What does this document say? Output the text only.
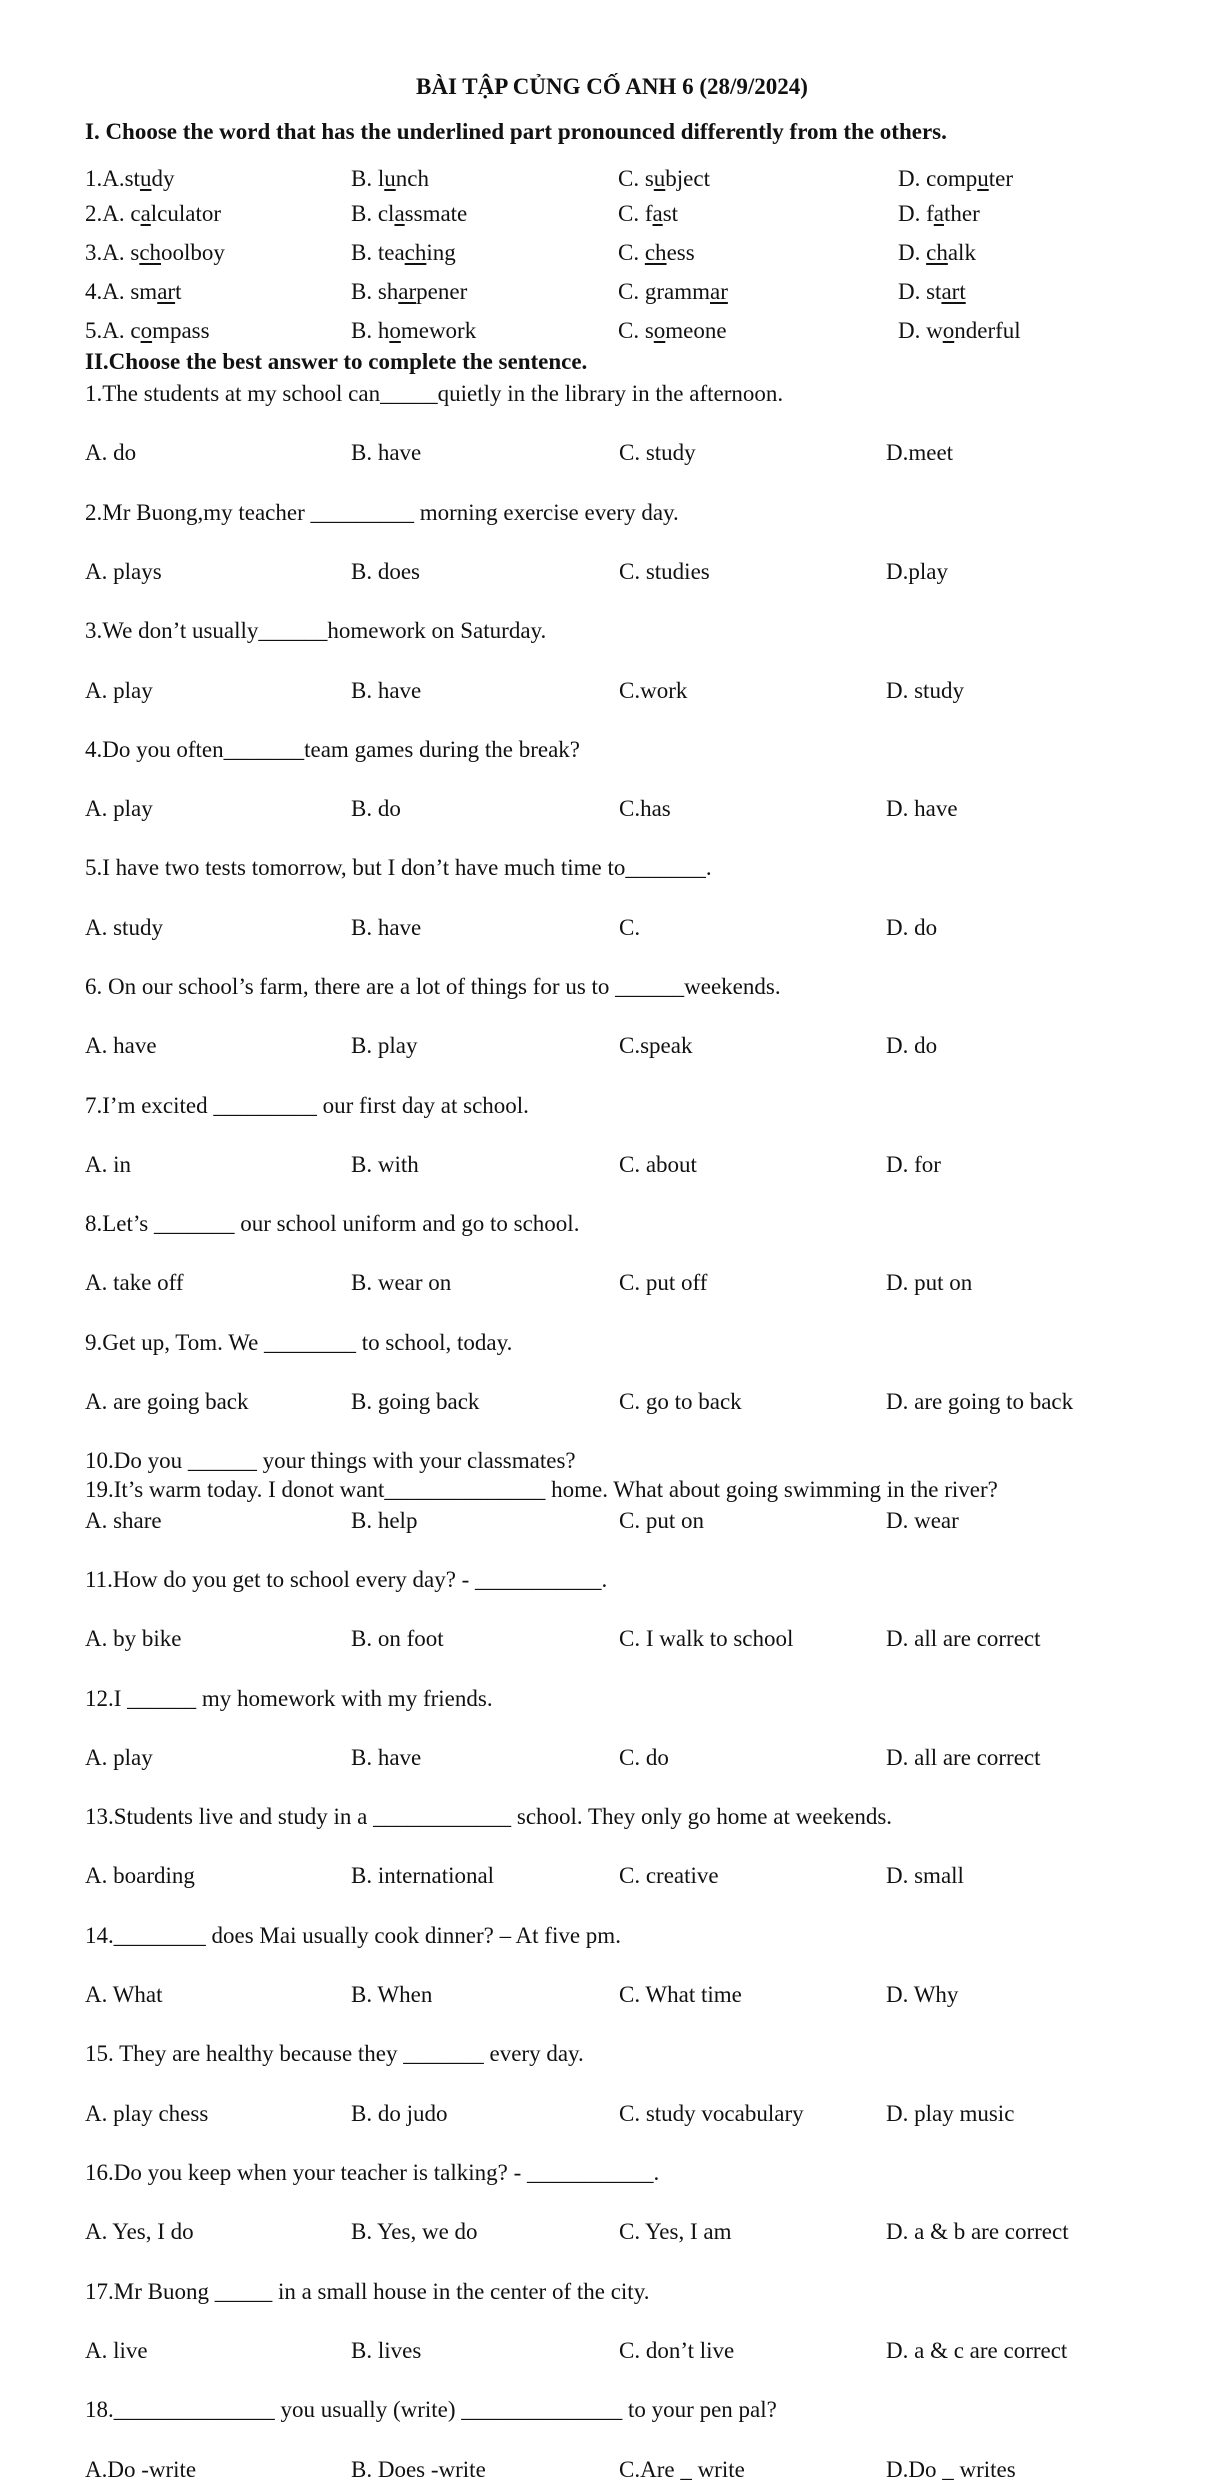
BÀI TẬP CỦNG CỐ ANH 6 (28/9/2024)
I. Choose the word that has the underlined part pronounced differently from the others.
1.A.study	B. lunch	C. subject	D. computer
2.A. calculator	B. classmate	C. fast	D. father
3.A. schoolboy	B. teaching	C. chess	D. chalk
4.A. smart	B. sharpener	C. grammar	D. start
5.A. compass	B. homework	C. someone	D. wonderful
II.Choose the best answer to complete the sentence.
1.The students at my school can_____quietly in the library in the afternoon.
A. do	B. have	C. study	D.meet
2.Mr Buong,my teacher _________ morning exercise every day.
A. plays	B. does	C. studies	D.play
3.We don’t usually______homework on Saturday.
A. play	B. have	C.work	D. study
4.Do you often_______team games during the break?
A. play	B. do	C.has	D. have
5.I have two tests tomorrow, but I don’t have much time to_______.
A. study	B. have	C.	D. do
6. On our school’s farm, there are a lot of things for us to ______weekends.
A. have	B. play	C.speak	D. do
7.I’m excited _________ our first day at school.
A. in	B. with	C. about	D. for
8.Let’s _______ our school uniform and go to school.
A. take off	B. wear on	C. put off	D. put on
9.Get up, Tom. We ________ to school, today.
A. are going back	B. going back	C. go to back	D. are going to back
10.Do you ______ your things with your classmates?
A. share	B. help	C. put on	D. wear
11.How do you get to school every day? - ___________.
A. by bike	B. on foot	C. I walk to school	D. all are correct
12.I ______ my homework with my friends.
A. play	B. have	C. do	D. all are correct
13.Students live and study in a ____________ school. They only go home at weekends.
A. boarding	B. international	C. creative	D. small
14.________ does Mai usually cook dinner? – At five pm.
A. What	B. When	C. What time	D. Why
15. They are healthy because they _______ every day.
A. play chess	B. do judo	C. study vocabulary	D. play music
16.Do you keep when your teacher is talking? - ___________.
A. Yes, I do	B. Yes, we do	C. Yes, I am	D. a & b are correct
17.Mr Buong _____ in a small house in the center of the city.
A. live	B. lives	C. don’t live	D. a & c are correct
18.______________ you usually (write) ______________ to your pen pal?
A.Do -write	B. Does -write	C.Are _ write	D.Do _ writes
19.It’s warm today. I donot want______________ home. What about going swimming in the river?
